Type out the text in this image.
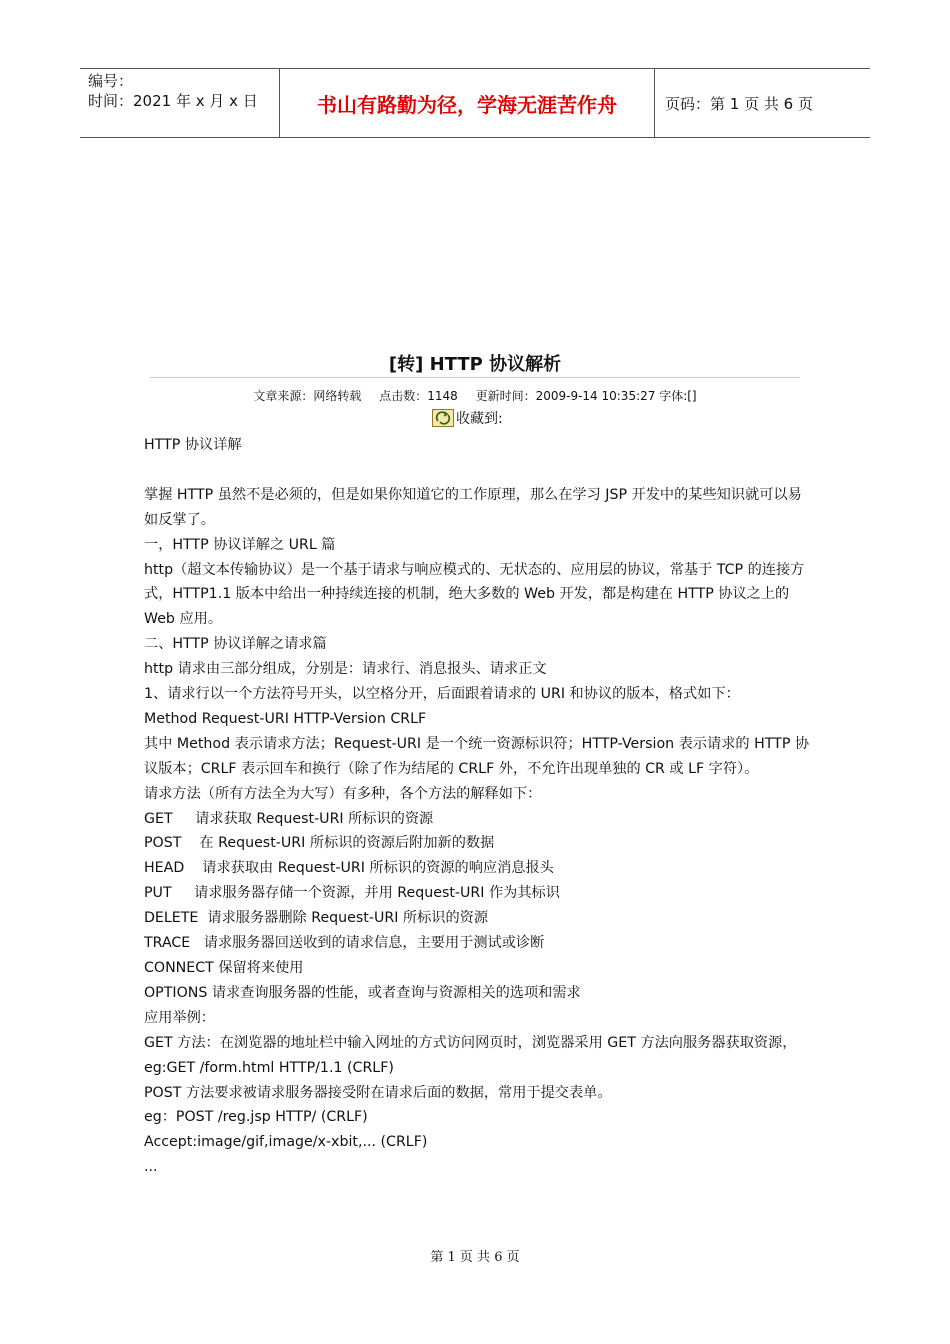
编号：
时间：2021 年 x 月 x 日	书山有路勤为径，学海无涯苦作舟	页码：第 1 页 共 6 页
[转] HTTP 协议解析
文章来源：网络转载 点击数：1148 更新时间：2009-9-14 10:35:27 字体:[]
收藏到:

HTTP 协议详解

掌握 HTTP 虽然不是必须的，但是如果你知道它的工作原理，那么在学习 JSP 开发中的某些知识就可以易如反掌了。

一，HTTP 协议详解之 URL 篇

http（超文本传输协议）是一个基于请求与响应模式的、无状态的、应用层的协议，常基于 TCP 的连接方式，HTTP1.1 版本中给出一种持续连接的机制，绝大多数的 Web 开发，都是构建在 HTTP 协议之上的 Web 应用。

二、HTTP 协议详解之请求篇

http 请求由三部分组成，分别是：请求行、消息报头、请求正文

1、请求行以一个方法符号开头，以空格分开，后面跟着请求的 URI 和协议的版本，格式如下：

Method Request-URI HTTP-Version CRLF

其中 Method 表示请求方法；Request-URI 是一个统一资源标识符；HTTP-Version 表示请求的 HTTP 协议版本；CRLF 表示回车和换行（除了作为结尾的 CRLF 外，不允许出现单独的 CR 或 LF 字符）。

请求方法（所有方法全为大写）有多种，各个方法的解释如下：

GET     请求获取 Request-URI 所标识的资源

POST    在 Request-URI 所标识的资源后附加新的数据

HEAD    请求获取由 Request-URI 所标识的资源的响应消息报头

PUT     请求服务器存储一个资源，并用 Request-URI 作为其标识

DELETE  请求服务器删除 Request-URI 所标识的资源

TRACE   请求服务器回送收到的请求信息，主要用于测试或诊断

CONNECT 保留将来使用

OPTIONS 请求查询服务器的性能，或者查询与资源相关的选项和需求

应用举例：

GET 方法：在浏览器的地址栏中输入网址的方式访问网页时，浏览器采用 GET 方法向服务器获取资源，eg:GET /form.html HTTP/1.1 (CRLF)

POST 方法要求被请求服务器接受附在请求后面的数据，常用于提交表单。

eg：POST /reg.jsp HTTP/ (CRLF)

Accept:image/gif,image/x-xbit,... (CRLF)

...

第 1 页 共 6 页
